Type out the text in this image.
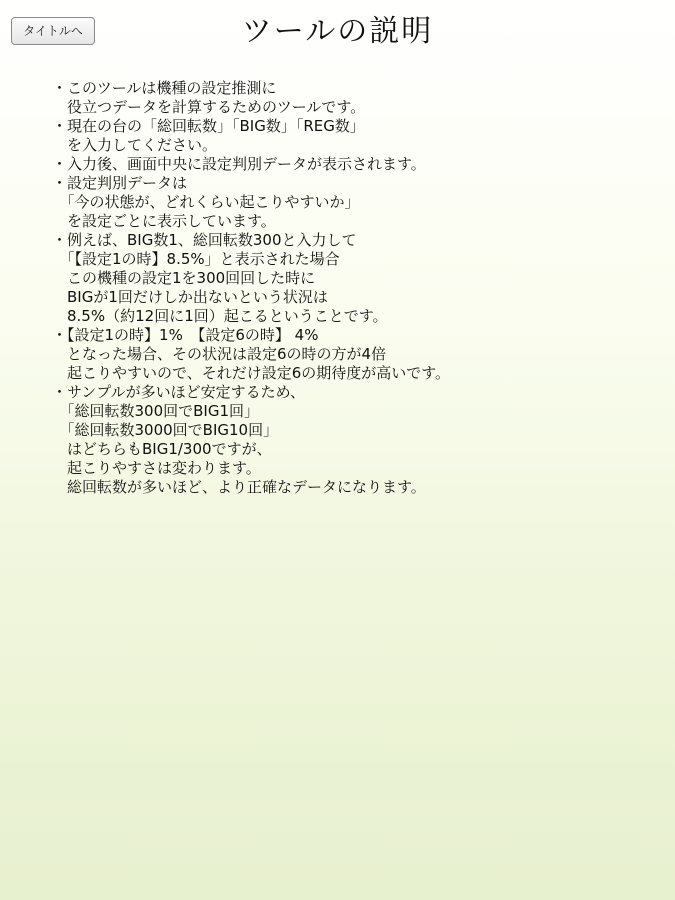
タイトルへ	ツールの説明
・このツールは機種の設定推測に
　役立つデータを計算するためのツールです。
・現在の台の「総回転数」「BIG数」「REG数」
　を入力してください。
・入力後、画面中央に設定判別データが表示されます。
・設定判別データは
　「今の状態が、どれくらい起こりやすいか」
　を設定ごとに表示しています。
・例えば、BIG数1、総回転数300と入力して
　「【設定1の時】8.5%」と表示された場合
　この機種の設定1を300回回した時に
　BIGが1回だけしか出ないという状況は
　8.5%（約12回に1回）起こるということです。
・【設定1の時】1%　【設定6の時】 4%
　となった場合、その状況は設定6の時の方が4倍
　起こりやすいので、それだけ設定6の期待度が高いです。
・サンプルが多いほど安定するため、
　「総回転数300回でBIG1回」
　「総回転数3000回でBIG10回」
　はどちらもBIG1/300ですが、
　起こりやすさは変わります。
　総回転数が多いほど、より正確なデータになります。
